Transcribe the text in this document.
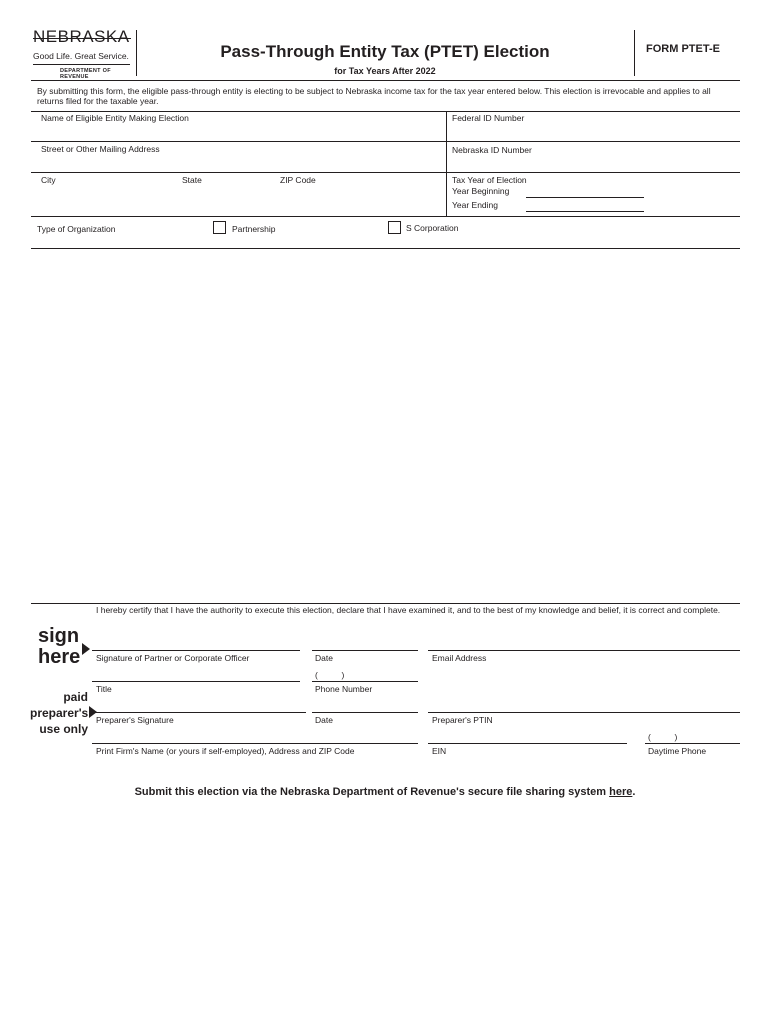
NEBRASKA
Good Life. Great Service.
DEPARTMENT OF REVENUE
Pass-Through Entity Tax (PTET) Election
for Tax Years After 2022
FORM PTET-E
By submitting this form, the eligible pass-through entity is electing to be subject to Nebraska income tax for the tax year entered below. This election is irrevocable and applies to all returns filed for the taxable year.
Name of Eligible Entity Making Election	Federal ID Number
Street or Other Mailing Address	Nebraska ID Number
City	State	ZIP Code	Tax Year of Election
Year Beginning
Year Ending
Type of Organization	Partnership	S Corporation
I hereby certify that I have the authority to execute this election, declare that I have examined it, and to the best of my knowledge and belief, it is correct and complete.
sign
here Signature of Partner or Corporate Officer	Date	Email Address
(          )
Title	Phone Number
paid
preparer's
use only
Preparer's Signature	Date	Preparer's PTIN
(          )
Print Firm's Name (or yours if self-employed), Address and ZIP Code	EIN	Daytime Phone
Submit this election via the Nebraska Department of Revenue's secure file sharing system here.
